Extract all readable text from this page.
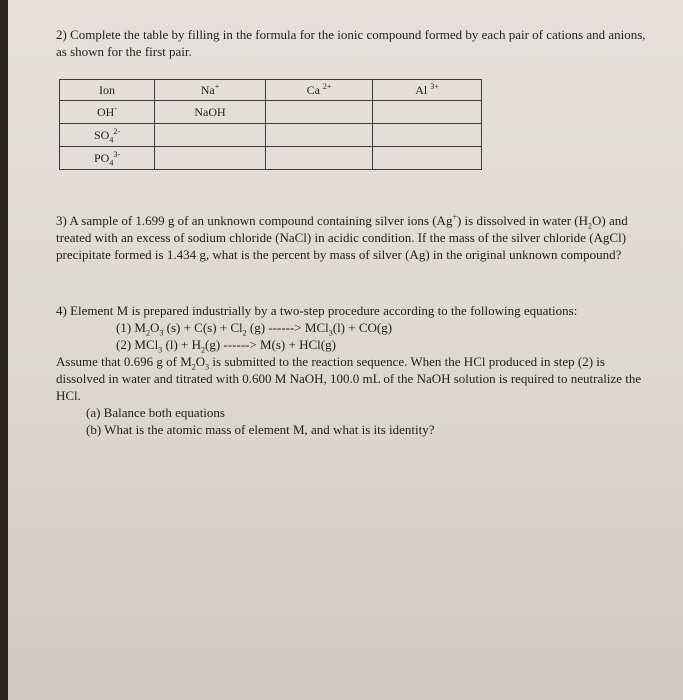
2) Complete the table by filling in the formula for the ionic compound formed by each pair of cations and anions, as shown for the first pair.
Ion	Na+	Ca $^{2+}$	Al $^{3+}$
OH-	NaOH		
$SO_4^{2-}$			
$PO_4^{3-}$			
3) A sample of 1.699 g of an unknown compound containing silver ions (Ag+) is dissolved in water $(H_2O)$ and treated with an excess of sodium chloride (NaCl) in acidic condition. If the mass of the silver chloride (AgCl) precipitate formed is 1.434 g, what is the percent by mass of silver (Ag) in the original unknown compound?

4) Element M is prepared industrially by a two-step procedure according to the following equations:

(1) $M_2O_3$ $(s) + C(s) + Cl_2$ (g) ------> MCl$_3$(l) + CO(g)

(2) MCl$_3$ $(l) + H_2(g)$ ------> M(s) + HCl(g)

Assume that 0.696 g of $M_2O_3$ is submitted to the reaction sequence. When the HCl produced in step (2) is dissolved in water and titrated with 0.600 M NaOH, 100.0 mL of the NaOH solution is required to neutralize the HCl.

(a) Balance both equations

(b) What is the atomic mass of element M, and what is its identity?
